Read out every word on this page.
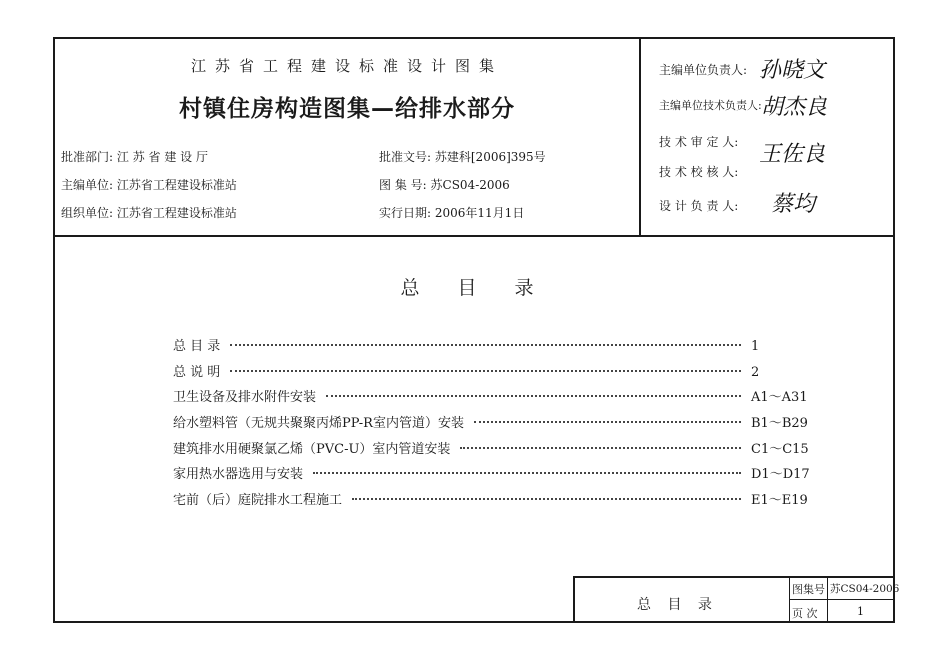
江苏省工程建设标准设计图集
村镇住房构造图集—给排水部分
批准部门: 江 苏 省 建 设 厅
主编单位: 江苏省工程建设标准站
组织单位: 江苏省工程建设标准站
批准文号: 苏建科[2006]395号
图 集 号: 苏CS04-2006
实行日期: 2006年11月1日
主编单位负责人: 孙晓文
主编单位技术负责人: 胡杰良
技 术 审 定 人: 王佐良
技 术 校 核 人:
设 计 负 责 人:	蔡均
总 目 录
总 目 录	1
总 说 明	2
卫生设备及排水附件安装	A1～A31
给水塑料管（无规共聚聚丙烯PP-R室内管道）安装	B1～B29
建筑排水用硬聚氯乙烯（PVC-U）室内管道安装	C1～C15
家用热水器选用与安装	D1～D17
宅前（后）庭院排水工程施工	E1～E19
总 目 录
图集号 苏CS04-2006
页 次	1
